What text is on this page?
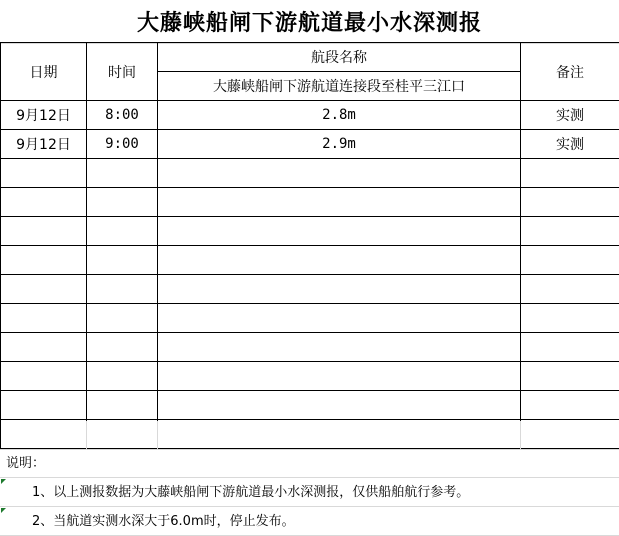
大藤峡船闸下游航道最小水深测报
日期	时间	航段名称	备注
		大藤峡船闸下游航道连接段至桂平三江口	
9月12日	8:00	2.8m	实测
9月12日	9:00	2.9m	实测

说明：
1、以上测报数据为大藤峡船闸下游航道最小水深测报，仅供船舶航行参考。
2、当航道实测水深大于6.0m时，停止发布。
